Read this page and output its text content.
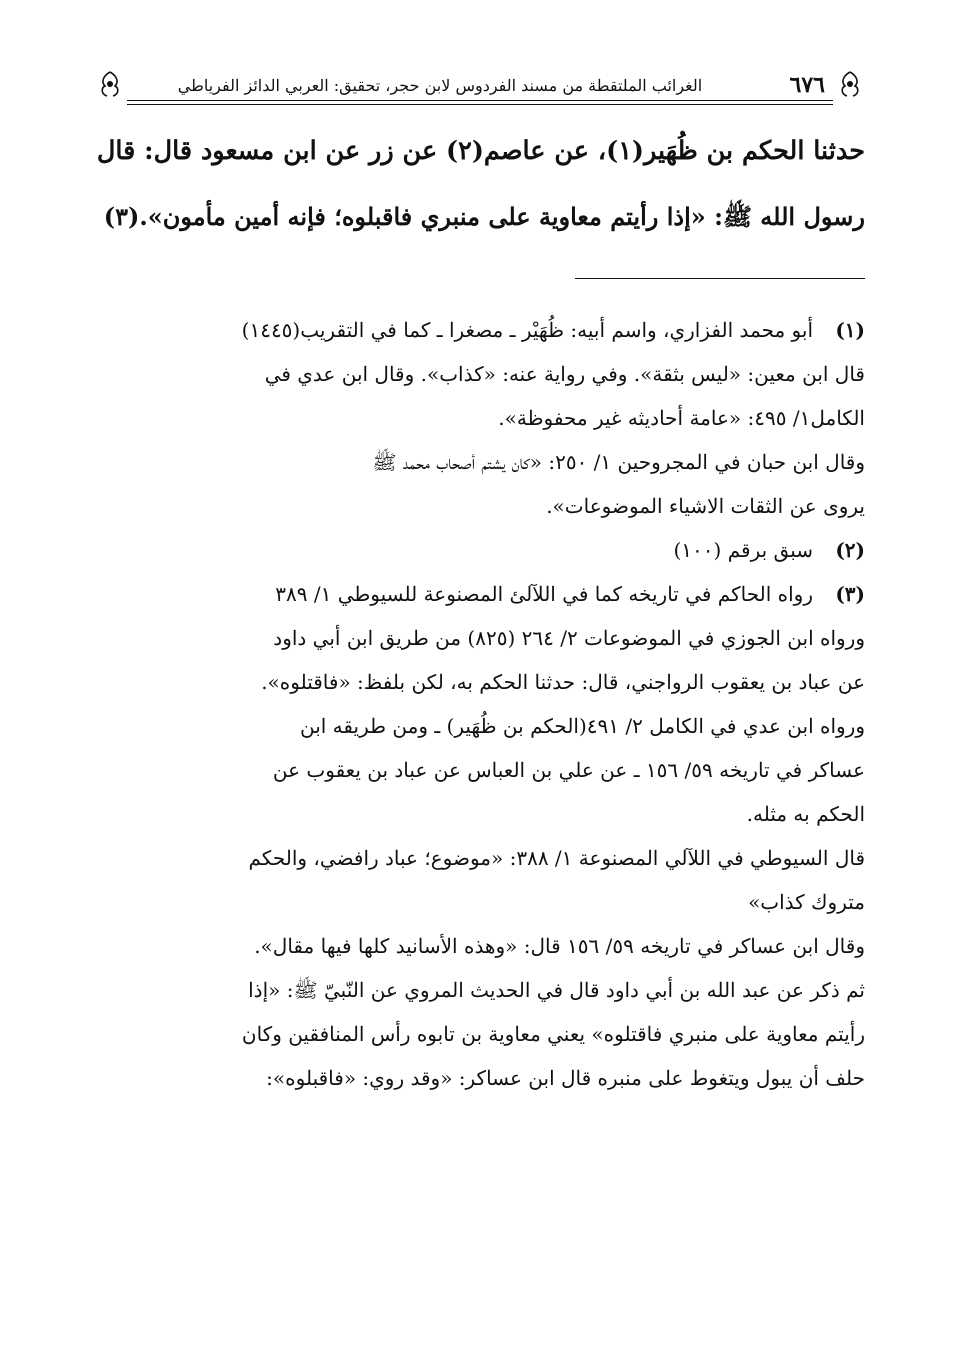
٦٧٦
الغرائب الملتقطة من مسند الفردوس لابن حجر، تحقيق: العربي الدائز الفرياطي
حدثنا الحكم بن ظُهَير(١)، عن عاصم(٢) عن زر عن ابن مسعود قال: قال
رسول الله ﷺ: «إذا رأيتم معاوية على منبري فاقبلوه؛ فإنه أمين مأمون».(٣)

(١)أبو محمد الفزاري، واسم أبيه: ظُهَيْر ـ مصغرا ـ كما في التقريب(١٤٤٥)

قال ابن معين: «ليس بثقة». وفي رواية عنه: «كذاب». وقال ابن عدي في

الكامل١/ ٤٩٥: «عامة أحاديثه غير محفوظة».

وقال ابن حبان في المجروحين ١/ ٢٥٠: «كان يشتم أصحاب محمد ﷺ

يروى عن الثقات الاشياء الموضوعات».

(٢)سبق برقم (١٠٠)

(٣)رواه الحاكم في تاريخه كما في اللآلئ المصنوعة للسيوطي ١/ ٣٨٩

ورواه ابن الجوزي في الموضوعات ٢/ ٢٦٤ (٨٢٥) من طريق ابن أبي داود

عن عباد بن يعقوب الرواجني، قال: حدثنا الحكم به، لكن بلفظ: «فاقتلوه».

ورواه ابن عدي في الكامل ٢/ ٤٩١(الحكم بن ظُهَير) ـ ومن طريقه ابن

عساكر في تاريخه ٥٩/ ١٥٦ ـ عن علي بن العباس عن عباد بن يعقوب عن

الحكم به مثله.

قال السيوطي في اللآلي المصنوعة ١/ ٣٨٨: «موضوع؛ عباد رافضي، والحكم

متروك كذاب»

وقال ابن عساكر في تاريخه ٥٩/ ١٥٦ قال: «وهذه الأسانيد كلها فيها مقال».

ثم ذكر عن عبد الله بن أبي داود قال في الحديث المروي عن النّبيّ ﷺ: «إذا

رأيتم معاوية على منبري فاقتلوه» يعني معاوية بن تابوه رأس المنافقين وكان

حلف أن يبول ويتغوط على منبره قال ابن عساكر: «وقد روي: «فاقبلوه»:
